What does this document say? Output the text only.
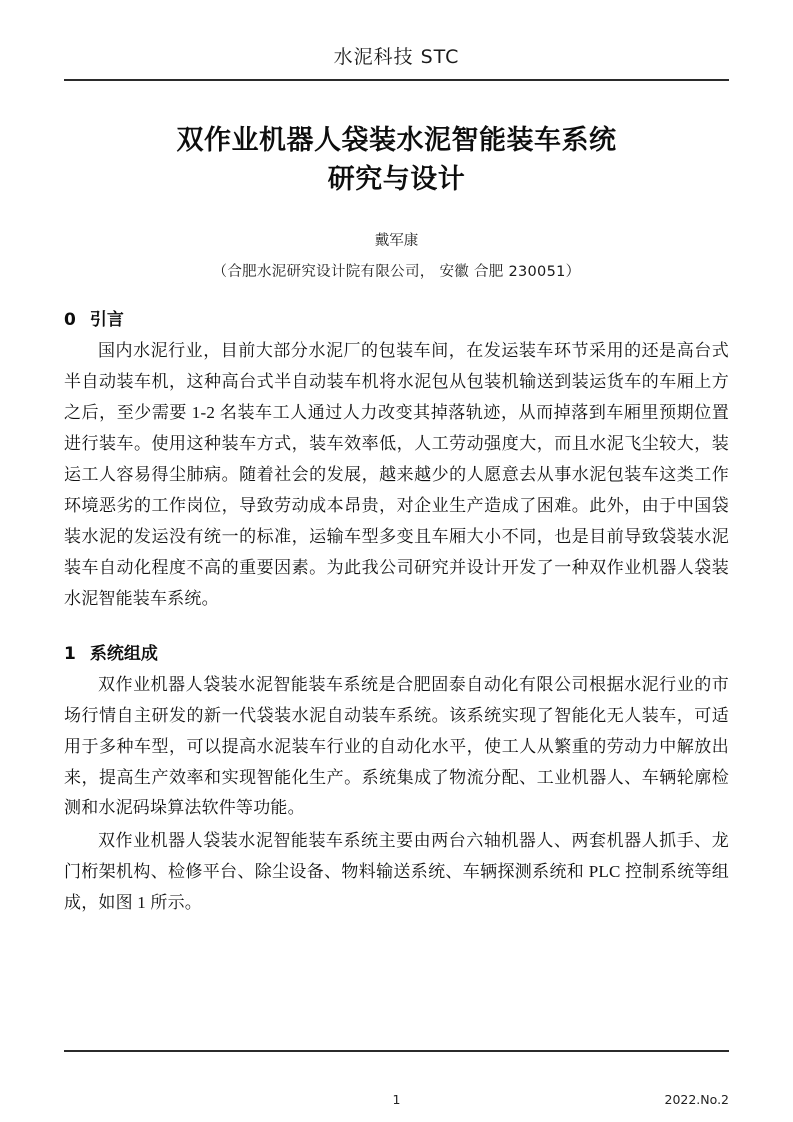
水泥科技 STC
双作业机器人袋装水泥智能装车系统
研究与设计
戴军康
（合肥水泥研究设计院有限公司， 安徽 合肥 230051）
0 引言

国内水泥行业，目前大部分水泥厂的包装车间，在发运装车环节采用的还是高台式半自动装车机，这种高台式半自动装车机将水泥包从包装机输送到装运货车的车厢上方之后，至少需要 1-2 名装车工人通过人力改变其掉落轨迹，从而掉落到车厢里预期位置进行装车。使用这种装车方式，装车效率低，人工劳动强度大，而且水泥飞尘较大，装运工人容易得尘肺病。随着社会的发展，越来越少的人愿意去从事水泥包装车这类工作环境恶劣的工作岗位，导致劳动成本昂贵，对企业生产造成了困难。此外，由于中国袋装水泥的发运没有统一的标准，运输车型多变且车厢大小不同，也是目前导致袋装水泥装车自动化程度不高的重要因素。为此我公司研究并设计开发了一种双作业机器人袋装水泥智能装车系统。

1 系统组成

双作业机器人袋装水泥智能装车系统是合肥固泰自动化有限公司根据水泥行业的市场行情自主研发的新一代袋装水泥自动装车系统。该系统实现了智能化无人装车，可适用于多种车型，可以提高水泥装车行业的自动化水平，使工人从繁重的劳动力中解放出来，提高生产效率和实现智能化生产。系统集成了物流分配、工业机器人、车辆轮廓检测和水泥码垛算法软件等功能。

双作业机器人袋装水泥智能装车系统主要由两台六轴机器人、两套机器人抓手、龙门桁架机构、检修平台、除尘设备、物料输送系统、车辆探测系统和 PLC 控制系统等组成，如图 1 所示。

1	2022.No.2
